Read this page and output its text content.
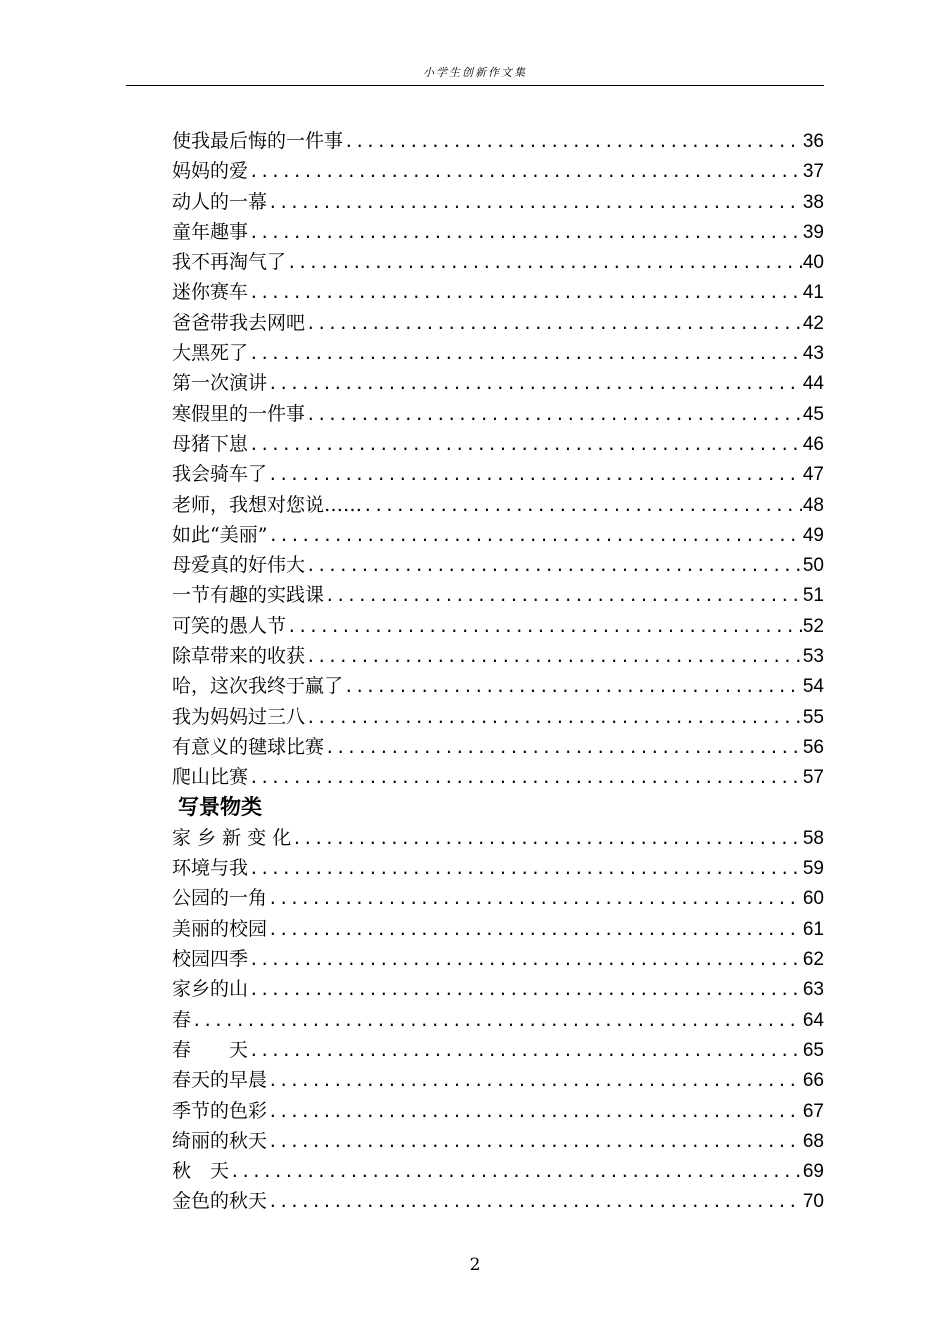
小学生创新作文集
使我最后悔的一件事 .....	36
妈妈的爱 .....	37
动人的一幕 .....	38
童年趣事 .....	39
我不再淘气了 .....	40
迷你赛车 .....	41
爸爸带我去网吧 .....	42
大黑死了 .....	43
第一次演讲 .....	44
寒假里的一件事 .....	45
母猪下崽 .....	46
我会骑车了 .....	47
老师，我想对您说…… .....	48
如此“美丽” .....	49
母爱真的好伟大 .....	50
一节有趣的实践课 .....	51
可笑的愚人节 .....	52
除草带来的收获 .....	53
哈，这次我终于赢了 .....	54
我为妈妈过三八 .....	55
有意义的毽球比赛 .....	56
爬山比赛 .....	57
写景物类
家 乡 新 变 化 .....	58
环境与我 .....	59
公园的一角 .....	60
美丽的校园 .....	61
校园四季 .....	62
家乡的山 .....	63
春 .....	64
春　　天 .....	65
春天的早晨 .....	66
季节的色彩 .....	67
绮丽的秋天 .....	68
秋　天 .....	69
金色的秋天 .....	70
2
